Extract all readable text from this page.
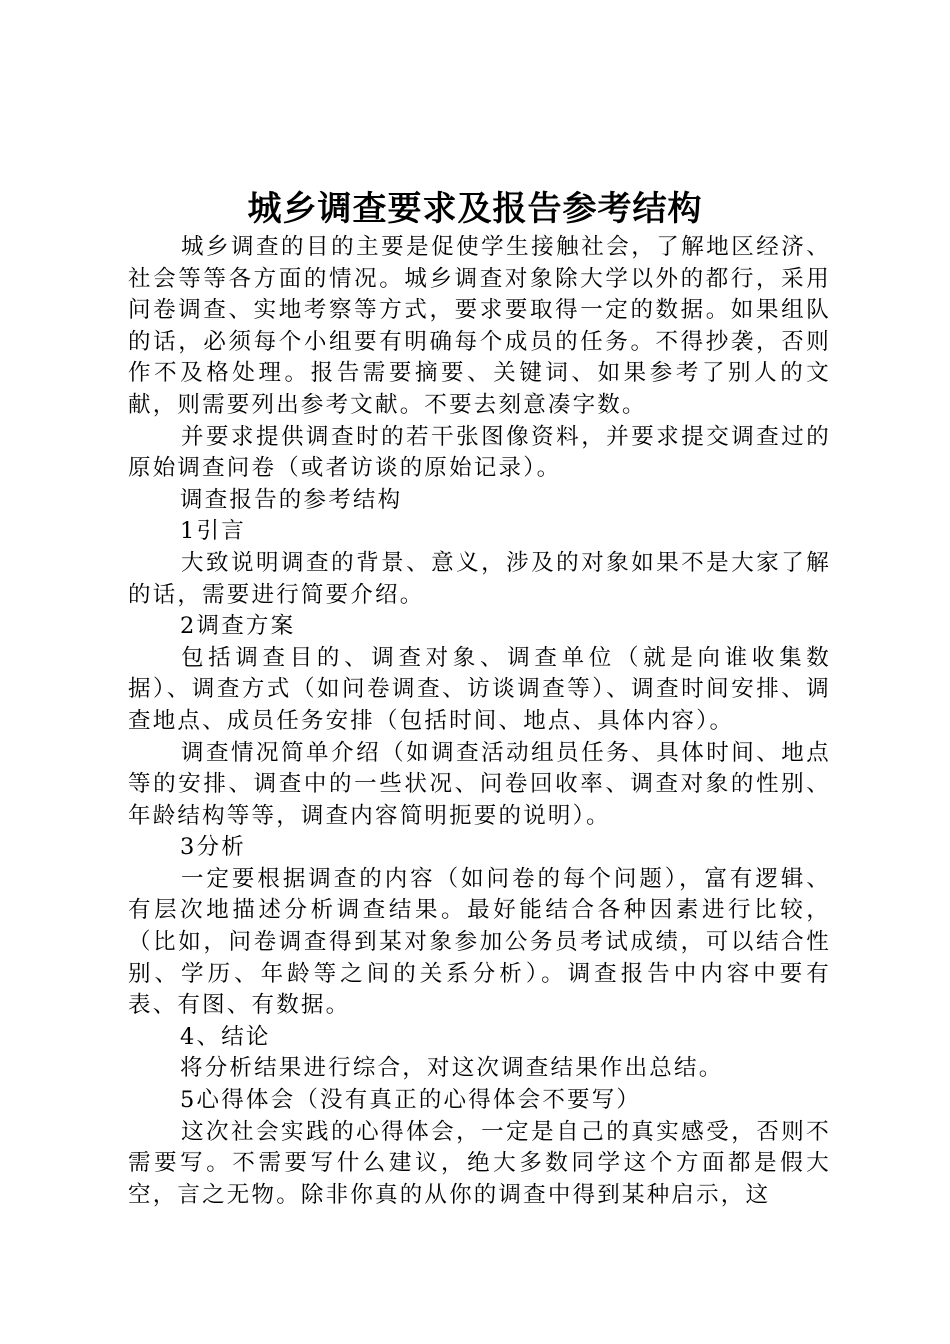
城乡调查要求及报告参考结构

城乡调查的目的主要是促使学生接触社会，了解地区经济、社会等等各方面的情况。城乡调查对象除大学以外的都行，采用问卷调查、实地考察等方式，要求要取得一定的数据。如果组队的话，必须每个小组要有明确每个成员的任务。不得抄袭，否则作不及格处理。报告需要摘要、关键词、如果参考了别人的文献，则需要列出参考文献。不要去刻意凑字数。

并要求提供调查时的若干张图像资料，并要求提交调查过的原始调查问卷（或者访谈的原始记录）。

调查报告的参考结构

1引言

大致说明调查的背景、意义，涉及的对象如果不是大家了解的话，需要进行简要介绍。

2调查方案

包括调查目的、调查对象、调查单位（就是向谁收集数据）、调查方式（如问卷调查、访谈调查等）、调查时间安排、调查地点、成员任务安排（包括时间、地点、具体内容）。

调查情况简单介绍（如调查活动组员任务、具体时间、地点等的安排、调查中的一些状况、问卷回收率、调查对象的性别、年龄结构等等，调查内容简明扼要的说明）。

3分析

一定要根据调查的内容（如问卷的每个问题），富有逻辑、有层次地描述分析调查结果。最好能结合各种因素进行比较，（比如，问卷调查得到某对象参加公务员考试成绩，可以结合性别、学历、年龄等之间的关系分析）。调查报告中内容中要有表、有图、有数据。

4、结论

将分析结果进行综合，对这次调查结果作出总结。

5心得体会（没有真正的心得体会不要写）

这次社会实践的心得体会，一定是自己的真实感受，否则不需要写。不需要写什么建议，绝大多数同学这个方面都是假大空，言之无物。除非你真的从你的调查中得到某种启示，这
